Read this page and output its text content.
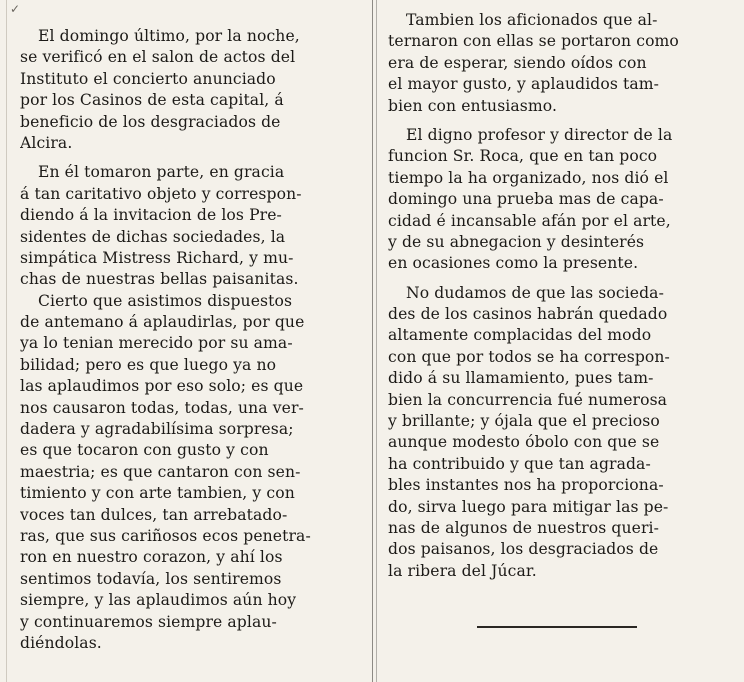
✓

El domingo último, por la noche,

se verificó en el salon de actos del

Instituto el concierto anunciado

por los Casinos de esta capital, á

beneficio de los desgraciados de

Alcira.

En él tomaron parte, en gracia

á tan caritativo objeto y correspon-

diendo á la invitacion de los Pre-

sidentes de dichas sociedades, la

simpática Mistress Richard, y mu-

chas de nuestras bellas paisanitas.

Cierto que asistimos dispuestos

de antemano á aplaudirlas, por que

ya lo tenian merecido por su ama-

bilidad; pero es que luego ya no

las aplaudimos por eso solo; es que

nos causaron todas, todas, una ver-

dadera y agradabilísima sorpresa;

es que tocaron con gusto y con

maestria; es que cantaron con sen-

timiento y con arte tambien, y con

voces tan dulces, tan arrebatado-

ras, que sus cariñosos ecos penetra-

ron en nuestro corazon, y ahí los

sentimos todavía, los sentiremos

siempre, y las aplaudimos aún hoy

y continuaremos siempre aplau-

diéndolas.

Tambien los aficionados que al-

ternaron con ellas se portaron como

era de esperar, siendo oídos con

el mayor gusto, y aplaudidos tam-

bien con entusiasmo.

El digno profesor y director de la

funcion Sr. Roca, que en tan poco

tiempo la ha organizado, nos dió el

domingo una prueba mas de capa-

cidad é incansable afán por el arte,

y de su abnegacion y desinterés

en ocasiones como la presente.

No dudamos de que las socieda-

des de los casinos habrán quedado

altamente complacidas del modo

con que por todos se ha correspon-

dido á su llamamiento, pues tam-

bien la concurrencia fué numerosa

y brillante; y ójala que el precioso

aunque modesto óbolo con que se

ha contribuido y que tan agrada-

bles instantes nos ha proporciona-

do, sirva luego para mitigar las pe-

nas de algunos de nuestros queri-

dos paisanos, los desgraciados de

la ribera del Júcar.
